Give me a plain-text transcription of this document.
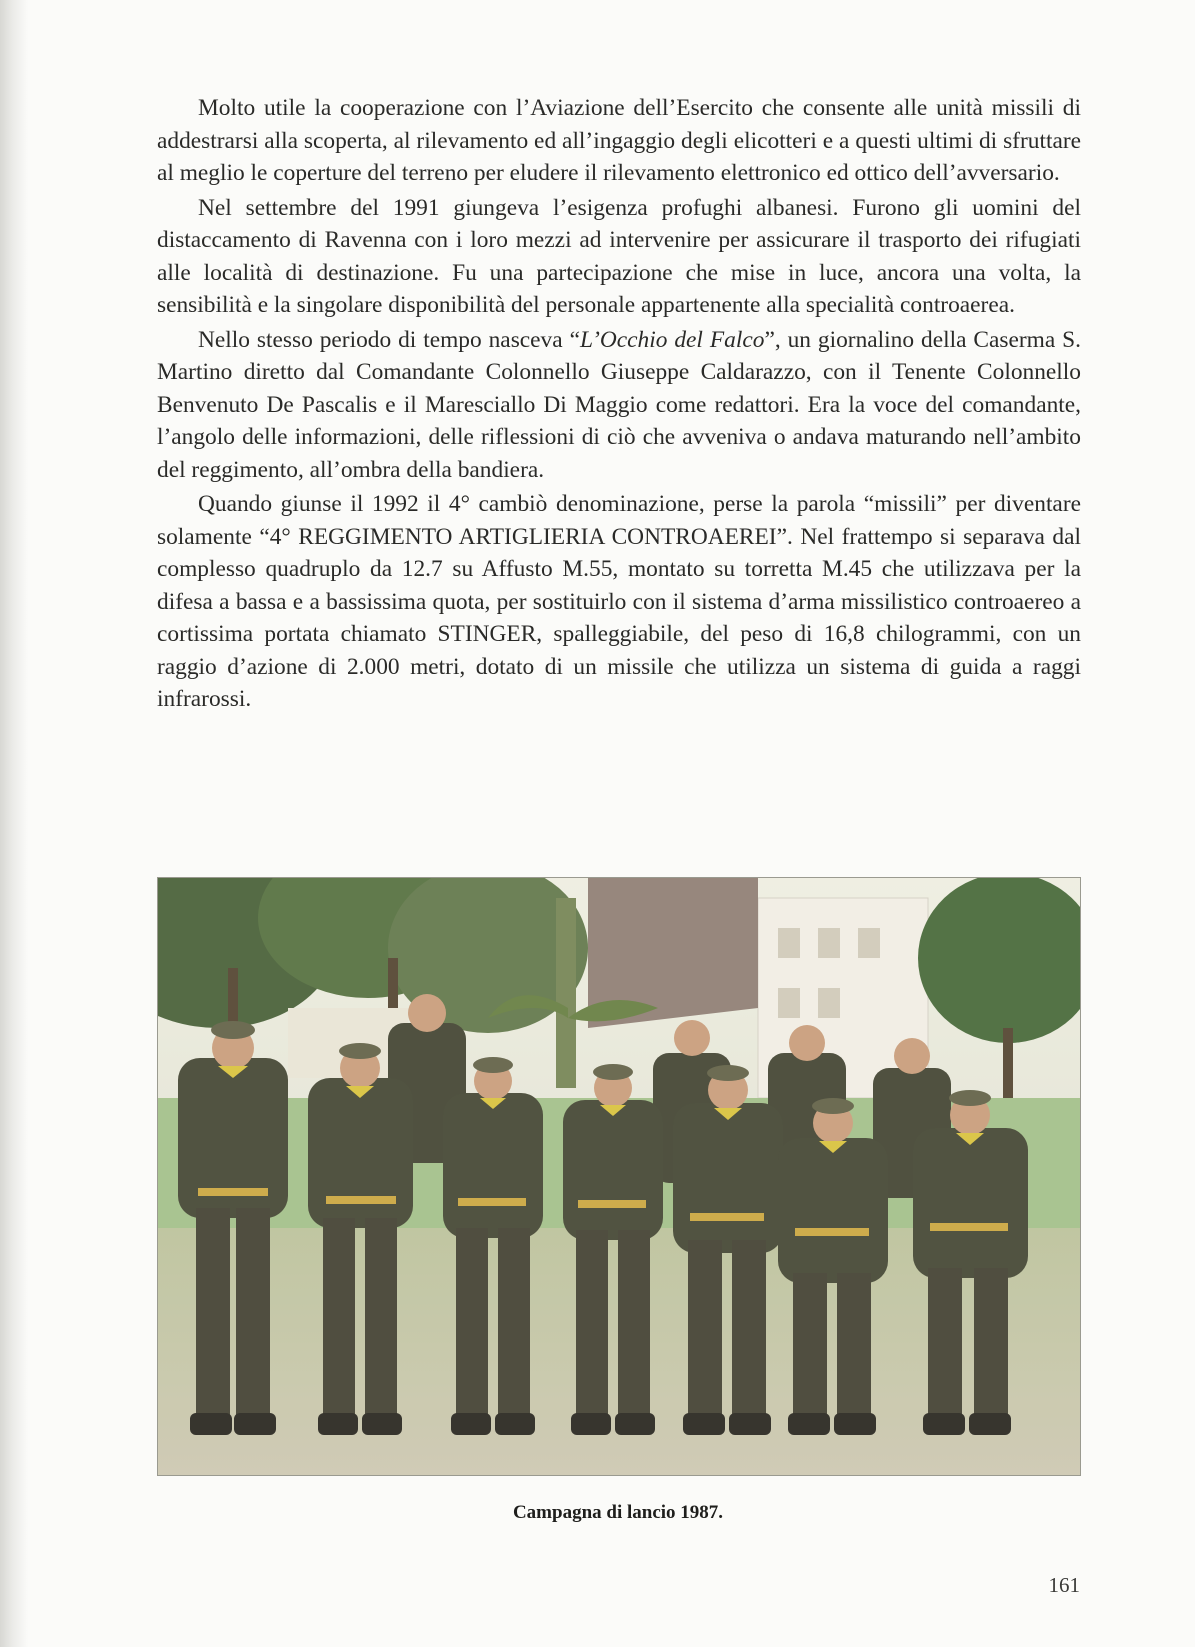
Molto utile la cooperazione con l’Aviazione dell’Esercito che consente alle unità missili di addestrarsi alla scoperta, al rilevamento ed all’ingaggio degli elicotteri e a questi ultimi di sfruttare al meglio le coperture del terreno per eludere il rilevamento elettronico ed ottico dell’avversario.

Nel settembre del 1991 giungeva l’esigenza profughi albanesi. Furono gli uomini del distaccamento di Ravenna con i loro mezzi ad intervenire per assicurare il trasporto dei rifugiati alle località di destinazione. Fu una partecipazione che mise in luce, ancora una volta, la sensibilità e la singolare disponibilità del personale appartenente alla specialità controaerea.

Nello stesso periodo di tempo nasceva “L’Occhio del Falco”, un giornalino della Caserma S. Martino diretto dal Comandante Colonnello Giuseppe Caldarazzo, con il Tenente Colonnello Benvenuto De Pascalis e il Maresciallo Di Maggio come redattori. Era la voce del comandante, l’angolo delle informazioni, delle riflessioni di ciò che avveniva o andava maturando nell’ambito del reggimento, all’ombra della bandiera.

Quando giunse il 1992 il 4° cambiò denominazione, perse la parola “missili” per diventare solamente “4° REGGIMENTO ARTIGLIERIA CONTROAEREI”. Nel frattempo si separava dal complesso quadruplo da 12.7 su Affusto M.55, montato su torretta M.45 che utilizzava per la difesa a bassa e a bassissima quota, per sostituirlo con il sistema d’arma missilistico controaereo a cortissima portata chiamato STINGER, spalleggiabile, del peso di 16,8 chilogrammi, con un raggio d’azione di 2.000 metri, dotato di un missile che utilizza un sistema di guida a raggi infrarossi.

Campagna di lancio 1987.
161
